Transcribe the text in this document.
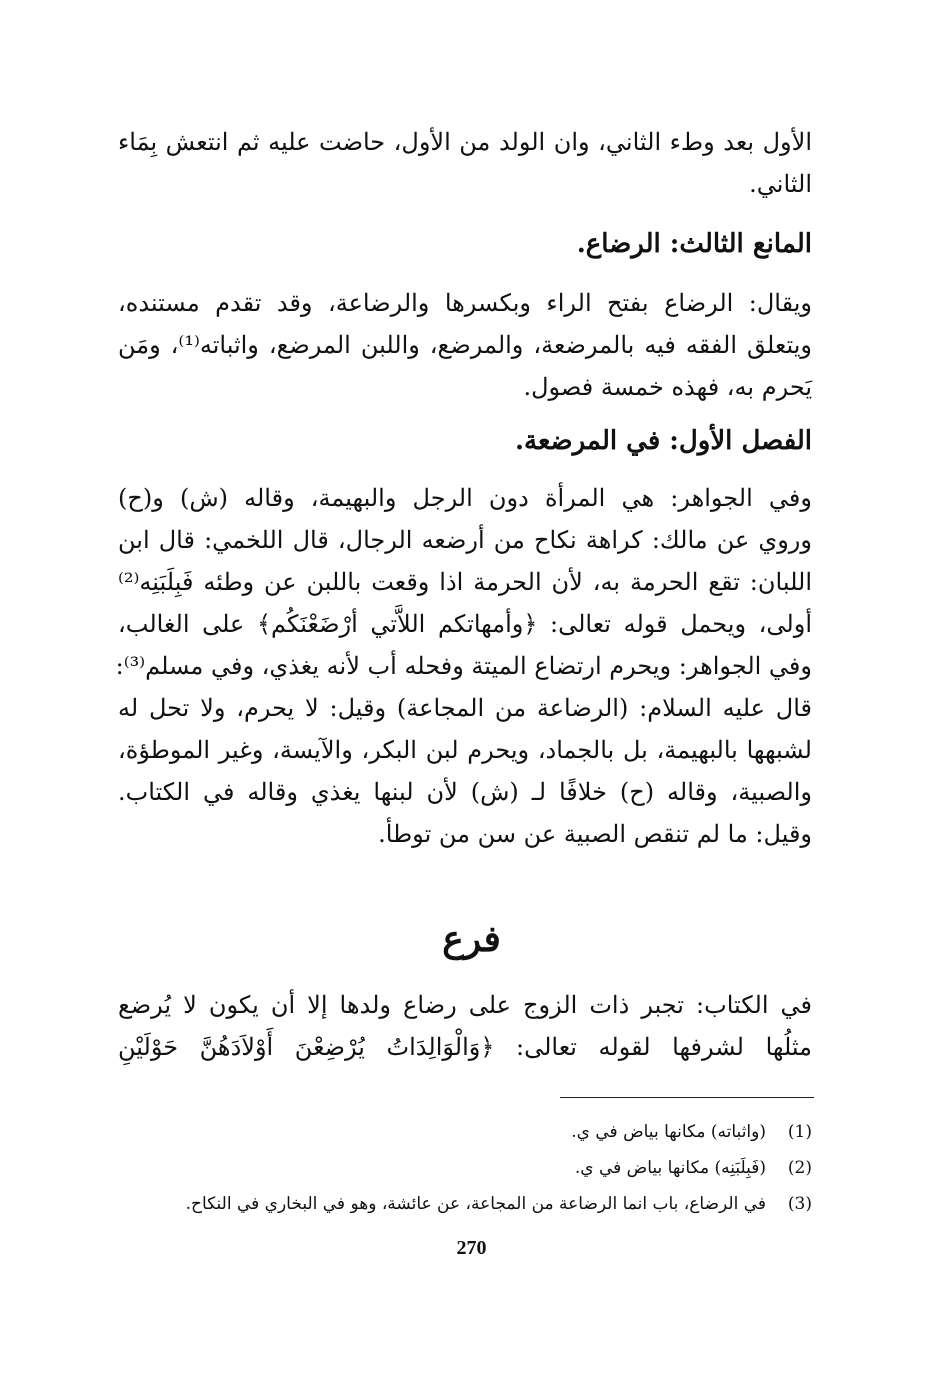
الأول بعد وطء الثاني، وان الولد من الأول، حاضت عليه ثم انتعش بِمَاء
الثاني.
المانع الثالث: الرضاع.
ويقال: الرضاع بفتح الراء وبكسرها والرضاعة، وقد تقدم مستنده،
ويتعلق الفقه فيه بالمرضعة، والمرضع، واللبن المرضع، واثباته⁽¹⁾، ومَن
يَحرم به، فهذه خمسة فصول.
الفصل الأول: في المرضعة.
وفي الجواهر: هي المرأة دون الرجل والبهيمة، وقاله (ش) و(ح)
وروي عن مالك: كراهة نكاح من أرضعه الرجال، قال اللخمي: قال ابن
اللبان: تقع الحرمة به، لأن الحرمة اذا وقعت باللبن عن وطئه فَبِلَبَنِه⁽²⁾
أولى، ويحمل قوله تعالى: ﴿وأمهاتكم اللاَّتي أرْضَعْنَكُم﴾ على الغالب،
وفي الجواهر: ويحرم ارتضاع الميتة وفحله أب لأنه يغذي، وفي مسلم⁽³⁾:
قال عليه السلام: (الرضاعة من المجاعة) وقيل: لا يحرم، ولا تحل له
لشبهها بالبهيمة، بل بالجماد، ويحرم لبن البكر، والآيسة، وغير الموطؤة،
والصبية، وقاله (ح) خلافًا لـ (ش) لأن لبنها يغذي وقاله في الكتاب.
وقيل: ما لم تنقص الصبية عن سن من توطأ.
فرع
في الكتاب: تجبر ذات الزوج على رضاع ولدها إلا أن يكون لا يُرضع
مثلُها لشرفها لقوله تعالى: ﴿وَالْوَالِدَاتُ يُرْضِعْنَ أَوْلاَدَهُنَّ حَوْلَيْنِ
(1)
(واثباته) مكانها بياض في ي.
(2)
(فَبِلَبَنِه) مكانها بياض في ي.
(3)
في الرضاع، باب انما الرضاعة من المجاعة، عن عائشة، وهو في البخاري في النكاح.
270
